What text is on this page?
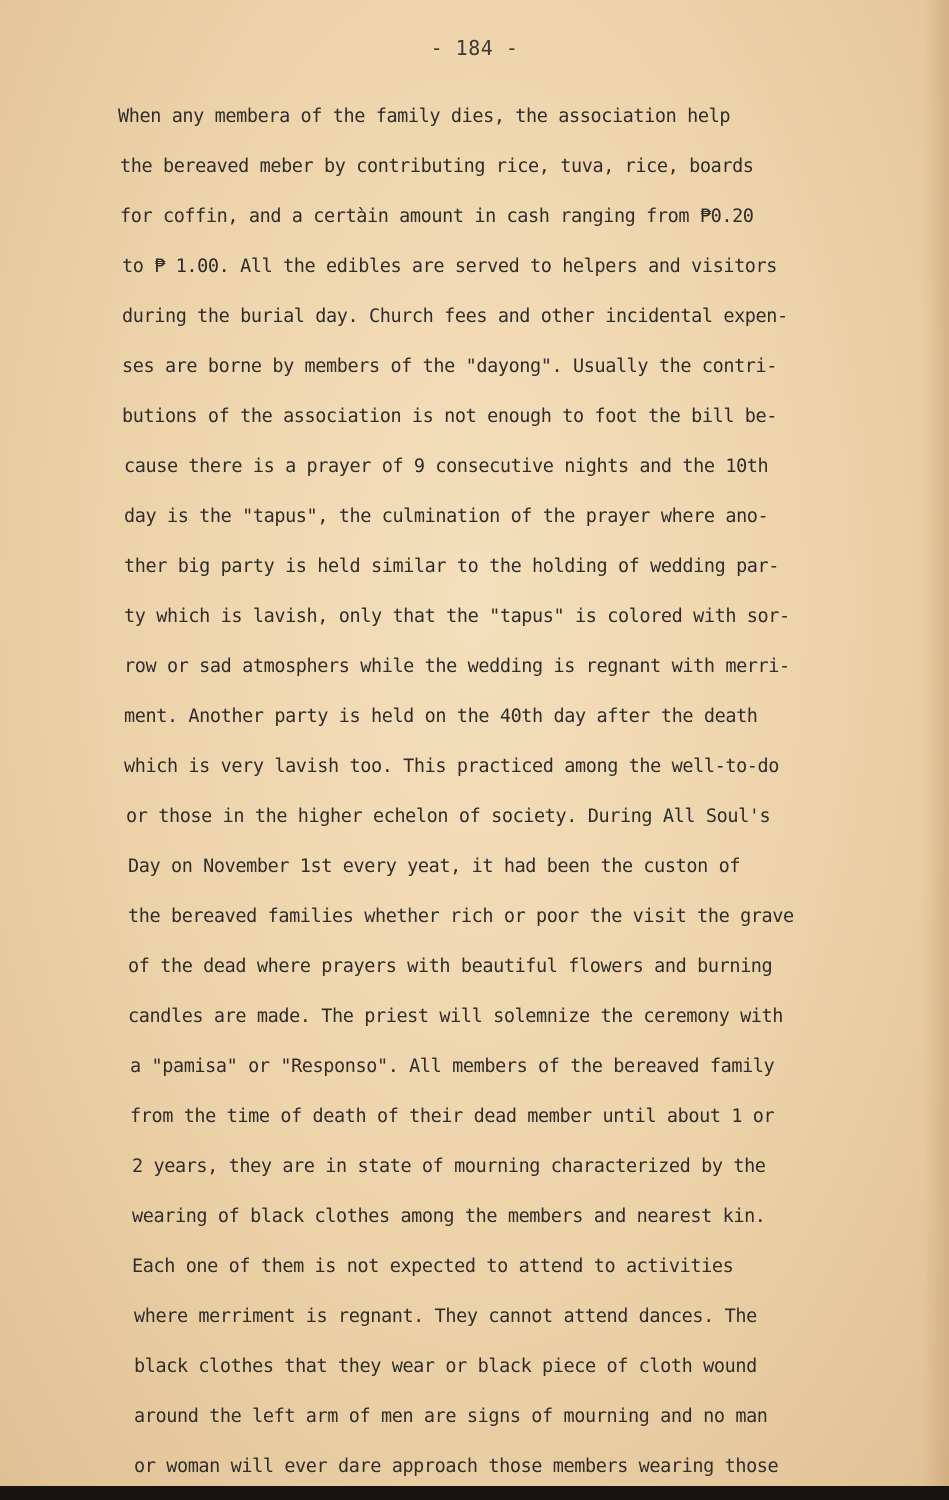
- 184 -
When any membera of the family dies, the association help
the bereaved meber by contributing rice, tuva, rice, boards
for coffin, and a certàin amount in cash ranging from ₱0.20
to ₱ 1.00. All the edibles are served to helpers and visitors
during the burial day. Church fees and other incidental expen-
ses are borne by members of the "dayong". Usually the contri-
butions of the association is not enough to foot the bill be-
cause there is a prayer of 9 consecutive nights and the 10th
day is the "tapus", the culmination of the prayer where ano-
ther big party is held similar to the holding of wedding par-
ty which is lavish, only that the "tapus" is colored with sor-
row or sad atmosphers while the wedding is regnant with merri-
ment. Another party is held on the 40th day after the death
which is very lavish too. This practiced among the well-to-do
or those in the higher echelon of society. During All Soul's
Day on November 1st every yeat, it had been the custon of
the bereaved families whether rich or poor the visit the grave
of the dead where prayers with beautiful flowers and burning
candles are made. The priest will solemnize the ceremony with
a "pamisa" or "Responso". All members of the bereaved family
from the time of death of their dead member until about 1 or
2 years, they are in state of mourning characterized by the
wearing of black clothes among the members and nearest kin.
Each one of them is not expected to attend to activities
where merriment is regnant. They cannot attend dances. The
black clothes that they wear or black piece of cloth wound
around the left arm of men are signs of mourning and no man
or woman will ever dare approach those members wearing those
